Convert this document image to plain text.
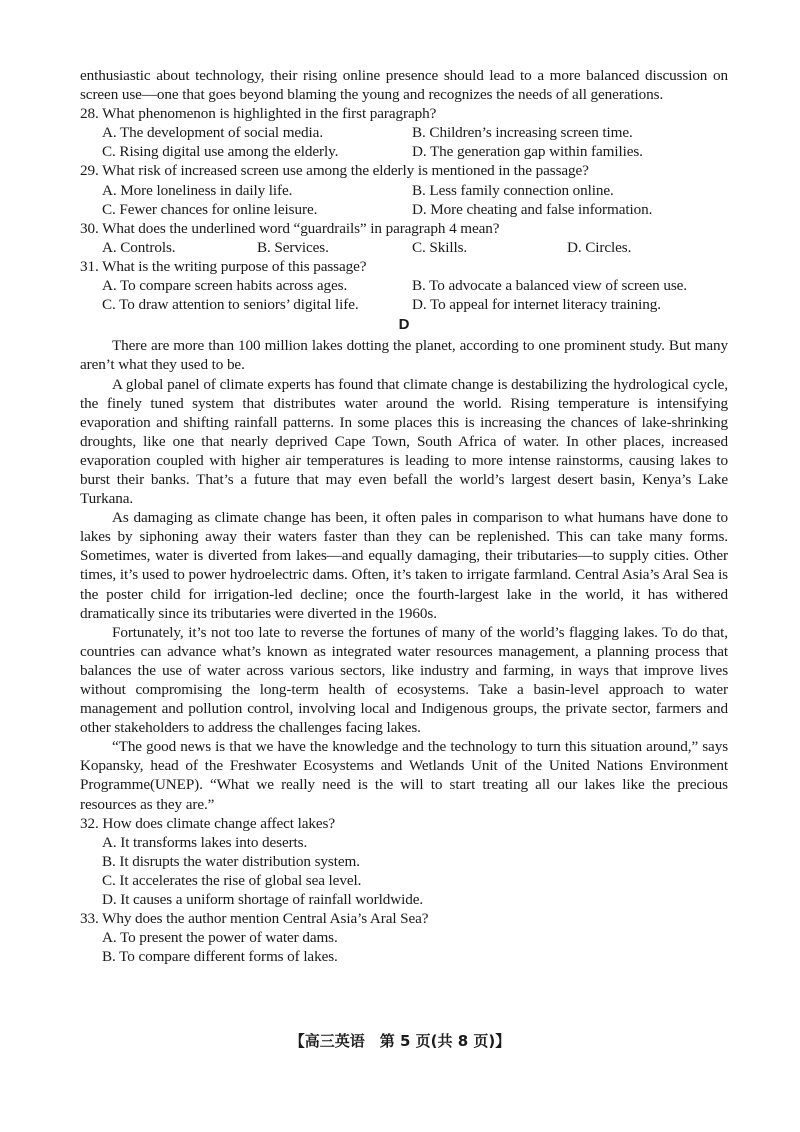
enthusiastic about technology, their rising online presence should lead to a more balanced discussion on screen use—one that goes beyond blaming the young and recognizes the needs of all generations.

28. What phenomenon is highlighted in the first paragraph?
A. The development of social media.	B. Children’s increasing screen time.
C. Rising digital use among the elderly.	D. The generation gap within families.
29. What risk of increased screen use among the elderly is mentioned in the passage?
A. More loneliness in daily life.	B. Less family connection online.
C. Fewer chances for online leisure.	D. More cheating and false information.
30. What does the underlined word “guardrails” in paragraph 4 mean?
A. Controls.	B. Services.	C. Skills.	D. Circles.
31. What is the writing purpose of this passage?
A. To compare screen habits across ages.	B. To advocate a balanced view of screen use.
C. To draw attention to seniors’ digital life.	D. To appeal for internet literacy training.
D

There are more than 100 million lakes dotting the planet, according to one prominent study. But many aren’t what they used to be.

A global panel of climate experts has found that climate change is destabilizing the hydrological cycle, the finely tuned system that distributes water around the world. Rising temperature is intensifying evaporation and shifting rainfall patterns. In some places this is increasing the chances of lake-shrinking droughts, like one that nearly deprived Cape Town, South Africa of water. In other places, increased evaporation coupled with higher air temperatures is leading to more intense rainstorms, causing lakes to burst their banks. That’s a future that may even befall the world’s largest desert basin, Kenya’s Lake Turkana.

As damaging as climate change has been, it often pales in comparison to what humans have done to lakes by siphoning away their waters faster than they can be replenished. This can take many forms. Sometimes, water is diverted from lakes—and equally damaging, their tributaries—to supply cities. Other times, it’s used to power hydroelectric dams. Often, it’s taken to irrigate farmland. Central Asia’s Aral Sea is the poster child for irrigation-led decline; once the fourth-largest lake in the world, it has withered dramatically since its tributaries were diverted in the 1960s.

Fortunately, it’s not too late to reverse the fortunes of many of the world’s flagging lakes. To do that, countries can advance what’s known as integrated water resources management, a planning process that balances the use of water across various sectors, like industry and farming, in ways that improve lives without compromising the long-term health of ecosystems. Take a basin-level approach to water management and pollution control, involving local and Indigenous groups, the private sector, farmers and other stakeholders to address the challenges facing lakes.

“The good news is that we have the knowledge and the technology to turn this situation around,” says Kopansky, head of the Freshwater Ecosystems and Wetlands Unit of the United Nations Environment Programme(UNEP). “What we really need is the will to start treating all our lakes like the precious resources as they are.”

32. How does climate change affect lakes?
A. It transforms lakes into deserts.
B. It disrupts the water distribution system.
C. It accelerates the rise of global sea level.
D. It causes a uniform shortage of rainfall worldwide.
33. Why does the author mention Central Asia’s Aral Sea?
A. To present the power of water dams.
B. To compare different forms of lakes.
【高三英语　第 5 页(共 8 页)】
